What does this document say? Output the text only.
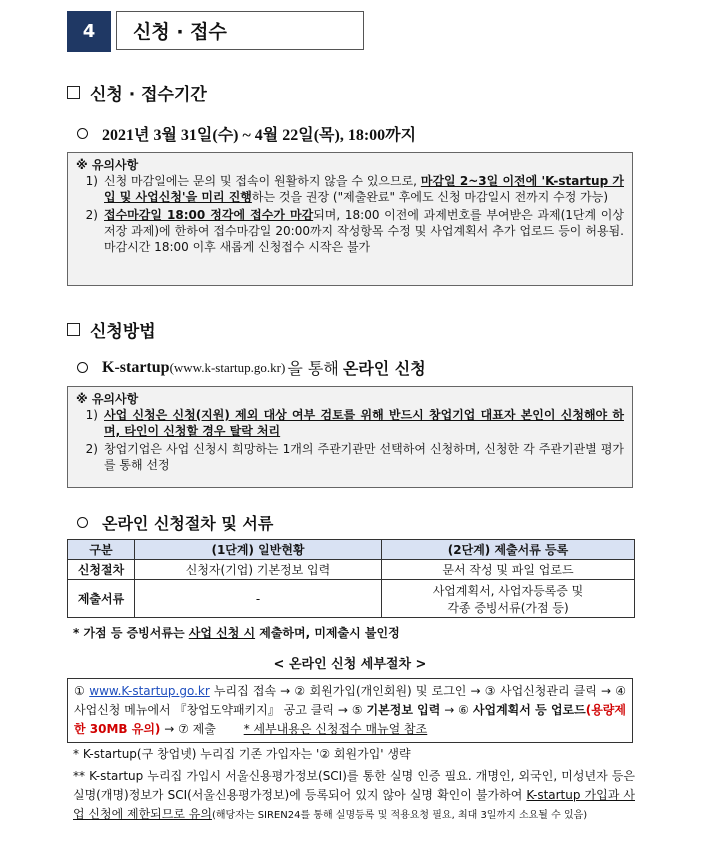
4	신청 · 접수
신청 · 접수기간
2021년 3월 31일(수) ~ 4월 22일(목), 18:00까지
※ 유의사항
1) 신청 마감일에는 문의 및 접속이 원활하지 않을 수 있으므로, 마감일 2~3일 이전에 'K-startup 가입 및 사업신청'을 미리 진행하는 것을 권장 ("제출완료" 후에도 신청 마감일시 전까지 수정 가능)
2) 접수마감일 18:00 정각에 접수가 마감되며, 18:00 이전에 과제번호를 부여받은 과제(1단계 이상 저장 과제)에 한하여 접수마감일 20:00까지 작성항목 수정 및 사업계획서 추가 업로드 등이 허용됨. 마감시간 18:00 이후 새롭게 신청접수 시작은 불가
신청방법
K-startup (www.k-startup.go.kr) 을 통해 온라인 신청
※ 유의사항
1) 사업 신청은 신청(지원) 제외 대상 여부 검토를 위해 반드시 창업기업 대표자 본인이 신청해야 하며, 타인이 신청할 경우 탈락 처리
2) 창업기업은 사업 신청시 희망하는 1개의 주관기관만 선택하여 신청하며, 신청한 각 주관기관별 평가를 통해 선정
온라인 신청절차 및 서류
구분	(1단계) 일반현황	(2단계) 제출서류 등록
신청절차	신청자(기업) 기본정보 입력	문서 작성 및 파일 업로드
제출서류	-	사업계획서, 사업자등록증 및 각종 증빙서류(가점 등)
* 가점 등 증빙서류는 사업 신청 시 제출하며, 미제출시 불인정
< 온라인 신청 세부절차 >
① www.K-startup.go.kr 누리집 접속 → ② 회원가입(개인회원) 및 로그인 → ③ 사업신청관리 클릭 → ④ 사업신청 메뉴에서 『창업도약패키지』 공고 클릭 → ⑤ 기본정보 입력 → ⑥ 사업계획서 등 업로드(용량제한 30MB 유의) → ⑦ 제출 * 세부내용은 신청접수 매뉴얼 참조
* K-startup(구 창업넷) 누리집 기존 가입자는 '② 회원가입' 생략
** K-startup 누리집 가입시 서울신용평가정보(SCI)를 통한 실명 인증 필요. 개명인, 외국인, 미성년자 등은 실명(개명)정보가 SCI(서울신용평가정보)에 등록되어 있지 않아 실명 확인이 불가하여 K-startup 가입과 사업 신청에 제한되므로 유의(해당자는 SIREN24를 통해 실명등록 및 적용요청 필요, 최대 3일까지 소요될 수 있음)
